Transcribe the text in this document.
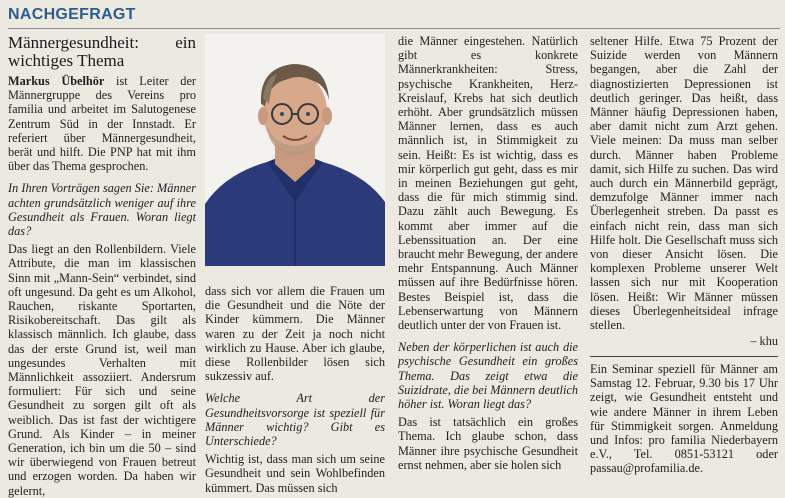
NACHGEFRAGT
Männergesundheit: ein wichtiges Thema

Markus Übelhör ist Leiter der Männergruppe des Vereins pro familia und arbeitet im Salutogenese Zentrum Süd in der Innstadt. Er referiert über Männergesundheit, berät und hilft. Die PNP hat mit ihm über das Thema gesprochen.

In Ihren Vorträgen sagen Sie: Männer achten grundsätzlich weniger auf ihre Gesundheit als Frauen. Woran liegt das?

Das liegt an den Rollenbildern. Viele Attribute, die man im klassischen Sinn mit „Mann-Sein“ verbindet, sind oft ungesund. Da geht es um Alkohol, Rauchen, riskante Sportarten, Risikobereitschaft. Das gilt als klassisch männlich. Ich glaube, dass das der erste Grund ist, weil man ungesundes Verhalten mit Männlichkeit assoziiert. Andersrum formuliert: Für sich und seine Gesundheit zu sorgen gilt oft als weiblich. Das ist fast der wichtigere Grund. Als Kinder – in meiner Generation, ich bin um die 50 – sind wir überwiegend von Frauen betreut und erzogen worden. Da haben wir gelernt,

dass sich vor allem die Frauen um die Gesundheit und die Nöte der Kinder kümmern. Die Männer waren zu der Zeit ja noch nicht wirklich zu Hause. Aber ich glaube, diese Rollenbilder lösen sich sukzessiv auf.

Welche Art der Gesundheitsvorsorge ist speziell für Männer wichtig? Gibt es Unterschiede?

Wichtig ist, dass man sich um seine Gesundheit und sein Wohlbefinden kümmert. Das müssen sich

die Männer eingestehen. Natürlich gibt es konkrete Männerkrankheiten: Stress, psychische Krankheiten, Herz-Kreislauf, Krebs hat sich deutlich erhöht. Aber grundsätzlich müssen Männer lernen, dass es auch männlich ist, in Stimmigkeit zu sein. Heißt: Es ist wichtig, dass es mir körperlich gut geht, dass es mir in meinen Beziehungen gut geht, dass die für mich stimmig sind. Dazu zählt auch Bewegung. Es kommt aber immer auf die Lebenssituation an. Der eine braucht mehr Bewegung, der andere mehr Entspannung. Auch Männer müssen auf ihre Bedürfnisse hören. Bestes Beispiel ist, dass die Lebenserwartung von Männern deutlich unter der von Frauen ist.

Neben der körperlichen ist auch die psychische Gesundheit ein großes Thema. Das zeigt etwa die Suizidrate, die bei Männern deutlich höher ist. Woran liegt das?

Das ist tatsächlich ein großes Thema. Ich glaube schon, dass Männer ihre psychische Gesundheit ernst nehmen, aber sie holen sich

seltener Hilfe. Etwa 75 Prozent der Suizide werden von Männern begangen, aber die Zahl der diagnostizierten Depressionen ist deutlich geringer. Das heißt, dass Männer häufig Depressionen haben, aber damit nicht zum Arzt gehen. Viele meinen: Da muss man selber durch. Männer haben Probleme damit, sich Hilfe zu suchen. Das wird auch durch ein Männerbild geprägt, demzufolge Männer immer nach Überlegenheit streben. Da passt es einfach nicht rein, dass man sich Hilfe holt. Die Gesellschaft muss sich von dieser Ansicht lösen. Die komplexen Probleme unserer Welt lassen sich nur mit Kooperation lösen. Heißt: Wir Männer müssen dieses Überlegenheitsideal infrage stellen.

– khu

Ein Seminar speziell für Männer am Samstag 12. Februar, 9.30 bis 17 Uhr zeigt, wie Gesundheit entsteht und wie andere Männer in ihrem Leben für Stimmigkeit sorgen. Anmeldung und Infos: pro familia Niederbayern e.V., Tel. 0851-53121 oder passau@profamilia.de.
